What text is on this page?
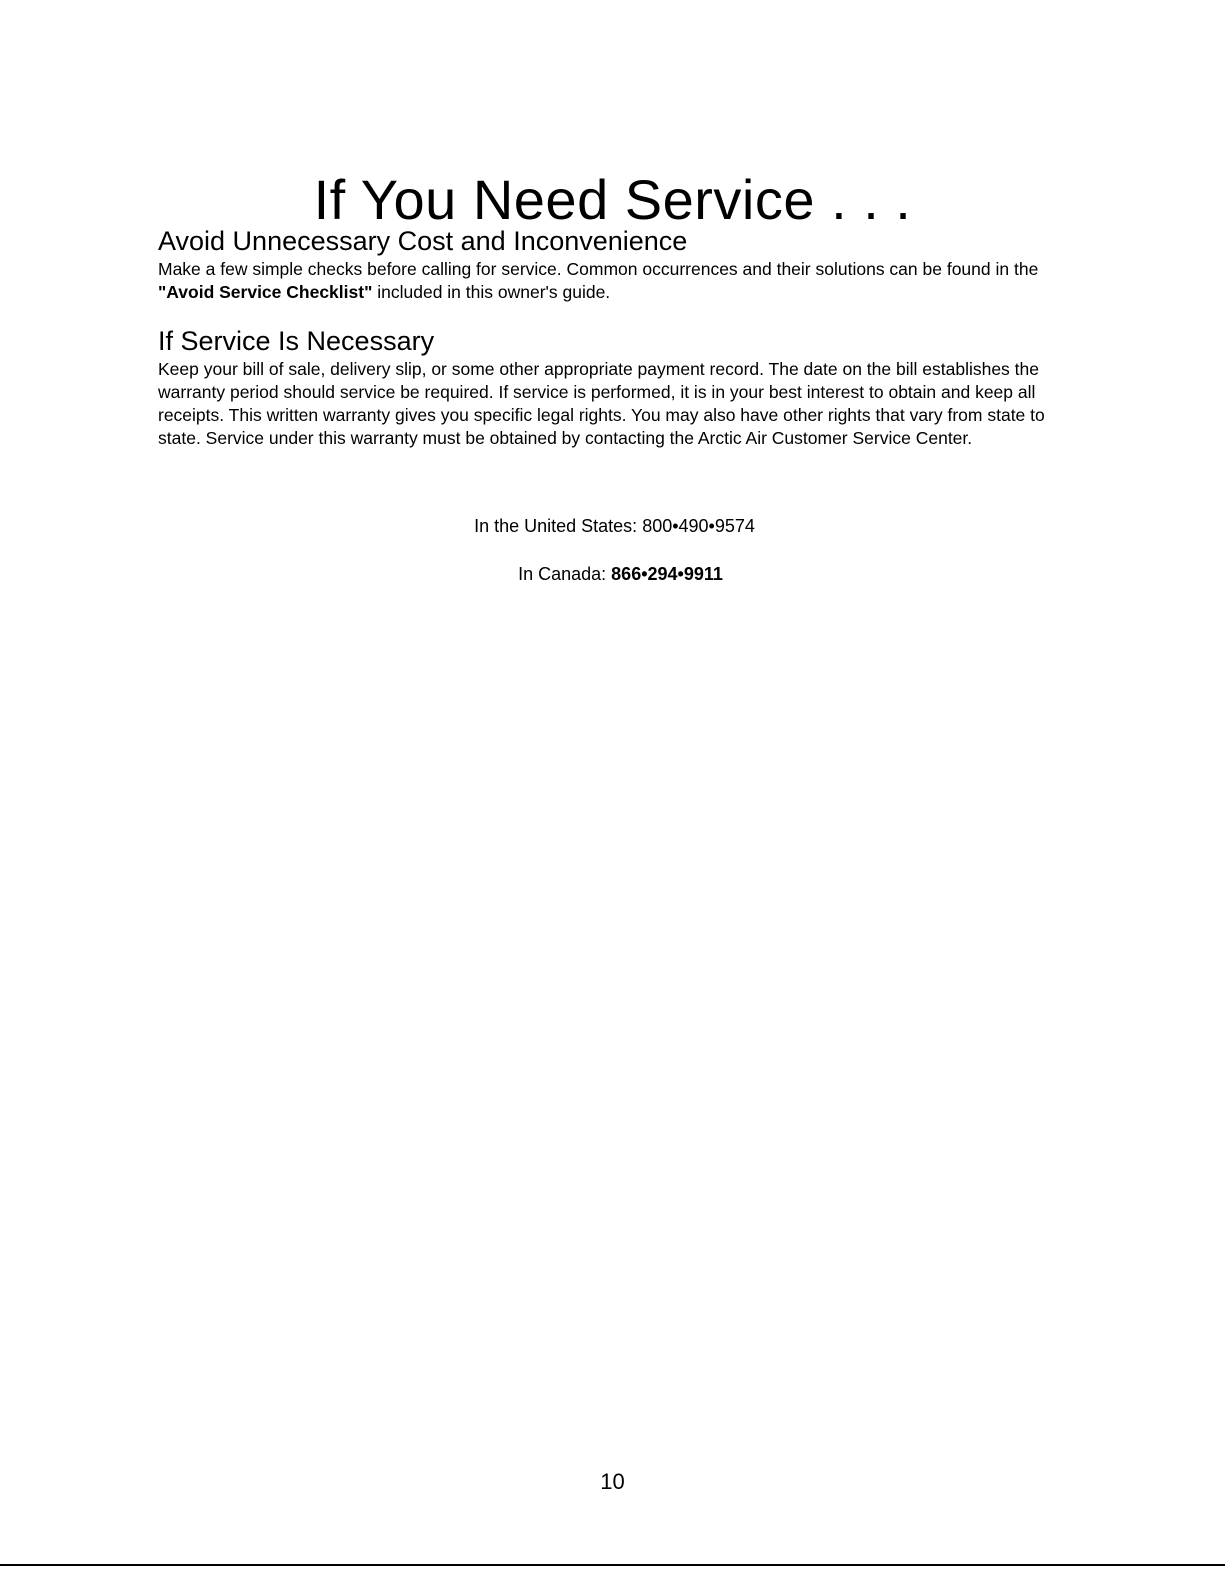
If You Need Service . . .
Avoid Unnecessary Cost and Inconvenience

Make a few simple checks before calling for service. Common occurrences and their solutions can be found in the "Avoid Service Checklist" included in this owner's guide.

If Service Is Necessary

Keep your bill of sale, delivery slip, or some other appropriate payment record. The date on the bill establishes the warranty period should service be required. If service is performed, it is in your best interest to obtain and keep all receipts. This written warranty gives you specific legal rights. You may also have other rights that vary from state to state. Service under this warranty must be obtained by contacting the Arctic Air Customer Service Center.

In the United States: 800•490•9574
In Canada: 866•294•9911
10
